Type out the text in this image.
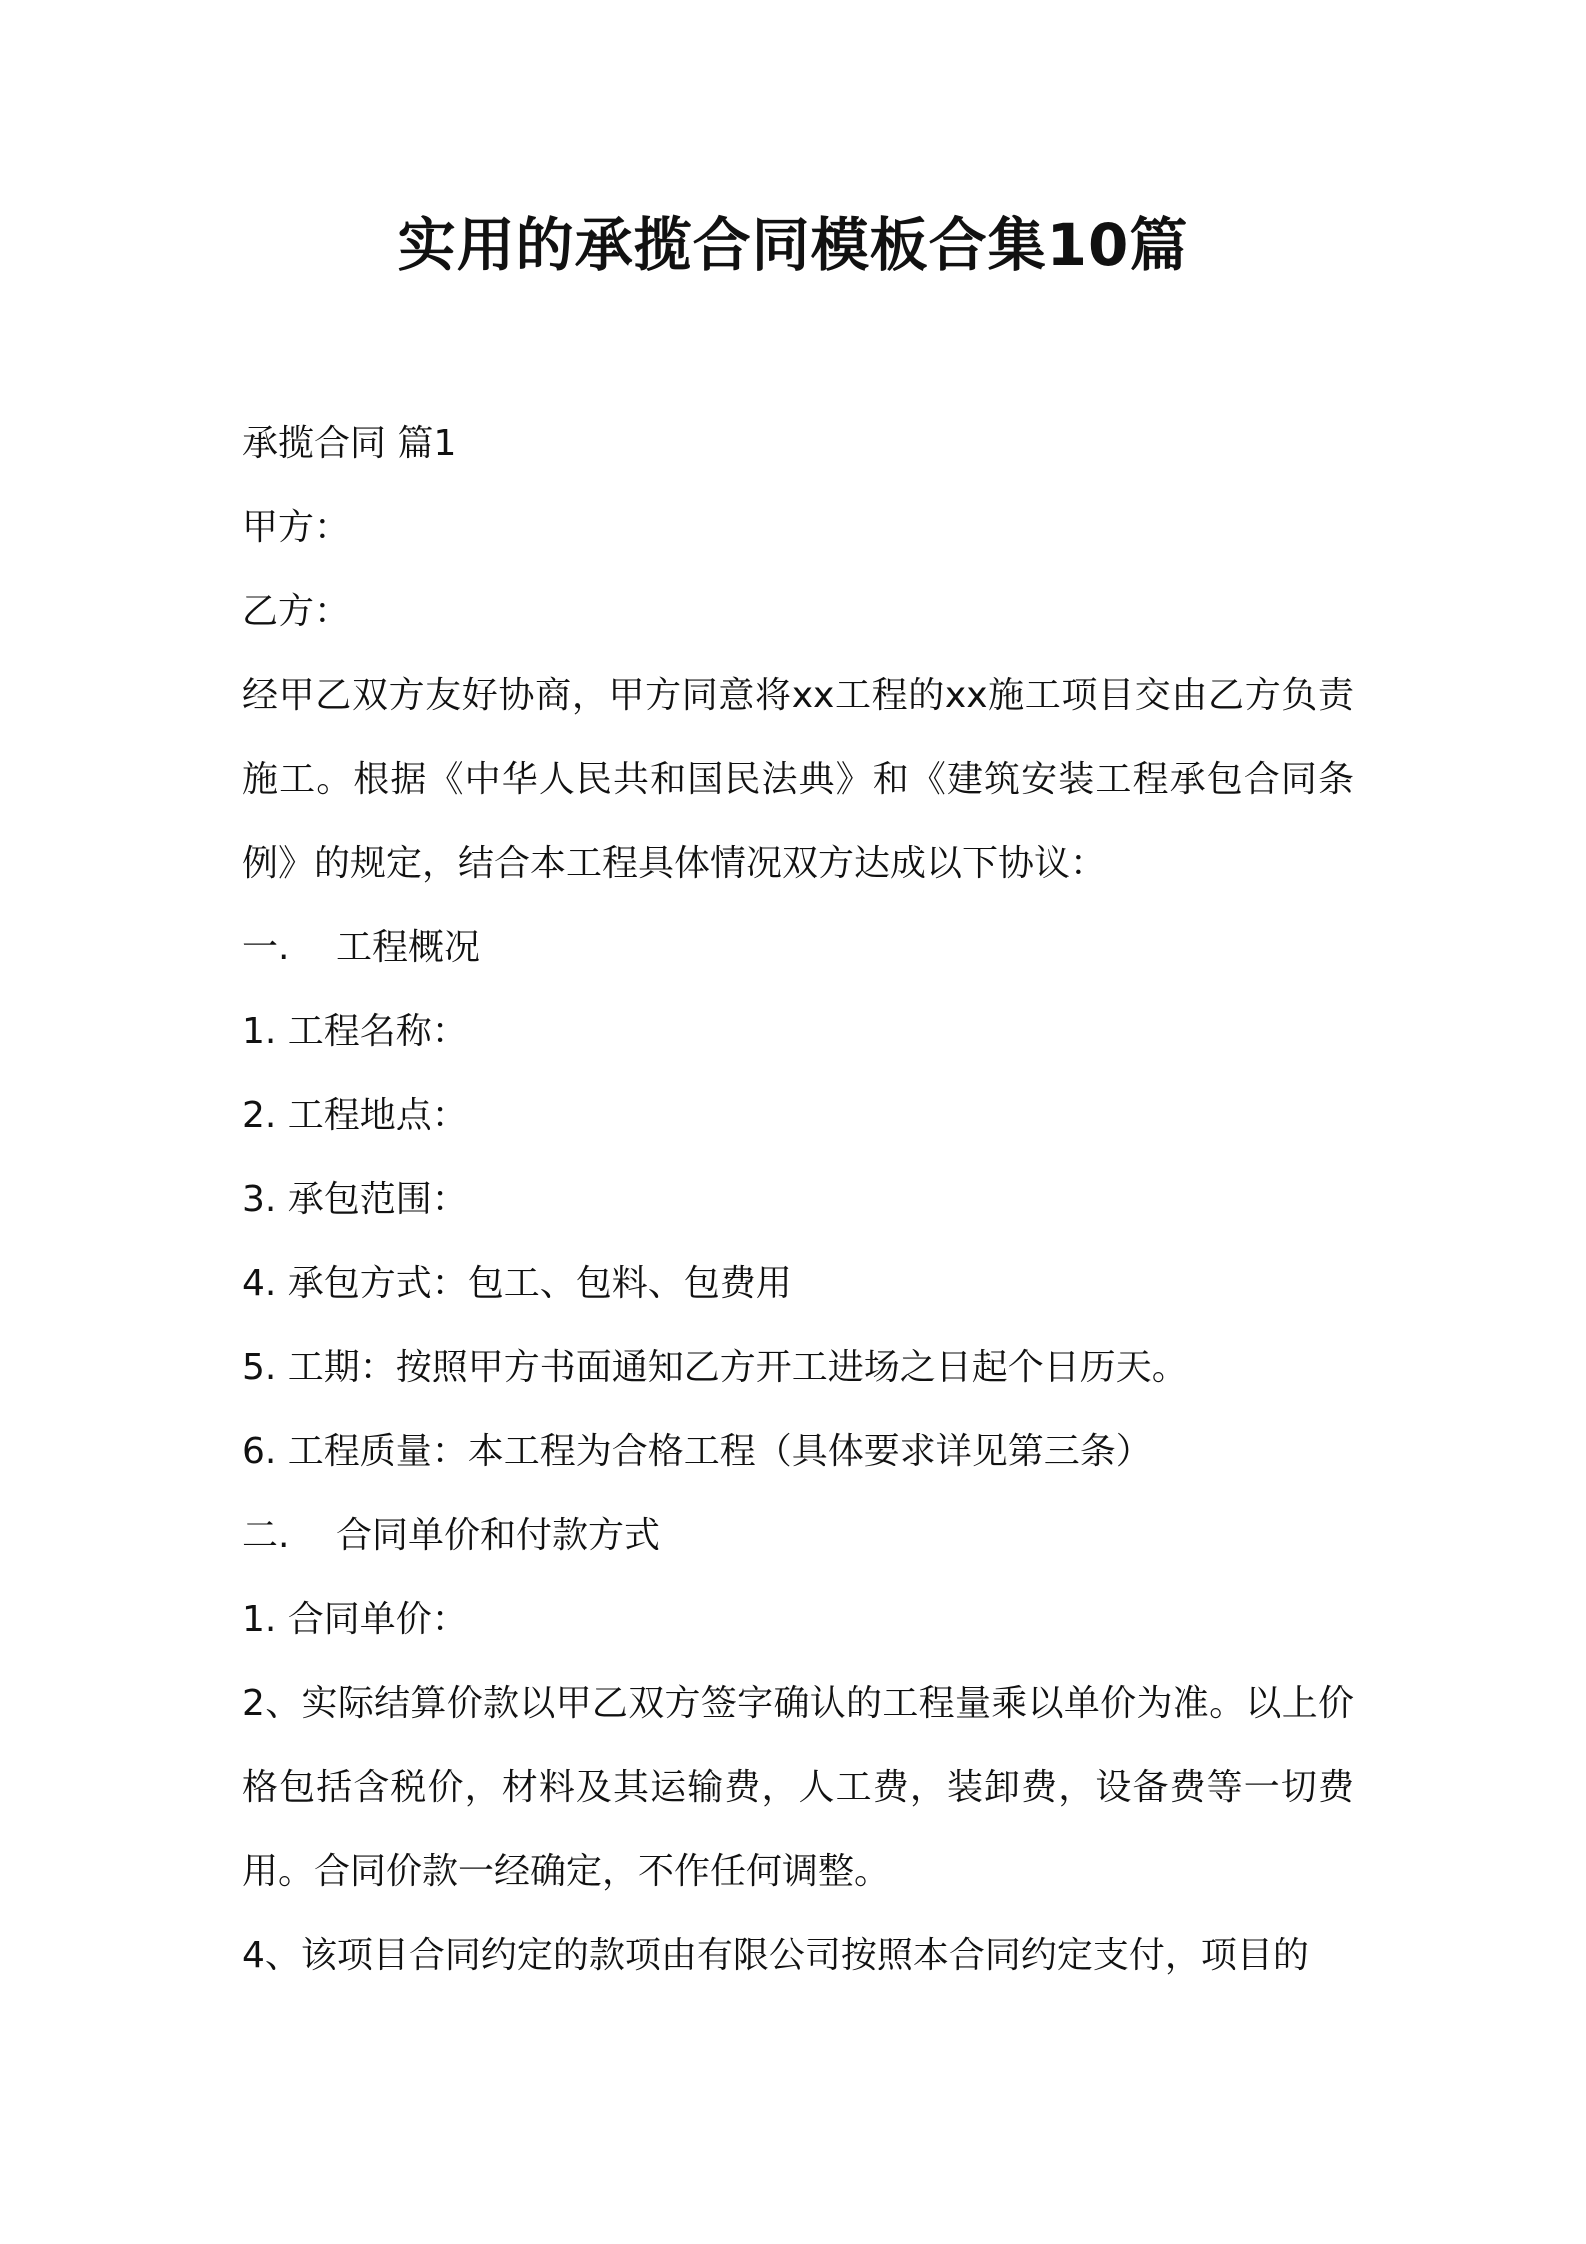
实用的承揽合同模板合集10篇
承揽合同 篇1
甲方：
乙方：
经甲乙双方友好协商，甲方同意将xx工程的xx施工项目交由乙方负责施工。根据《中华人民共和国民法典》和《建筑安装工程承包合同条例》的规定，结合本工程具体情况双方达成以下协议：
一.	工程概况
1. 工程名称：
2. 工程地点：
3. 承包范围：
4. 承包方式：包工、包料、包费用
5. 工期：按照甲方书面通知乙方开工进场之日起个日历天。
6. 工程质量：本工程为合格工程（具体要求详见第三条）
二.	合同单价和付款方式
1. 合同单价：
2、实际结算价款以甲乙双方签字确认的工程量乘以单价为准。以上价格包括含税价，材料及其运输费，人工费，装卸费，设备费等一切费用。合同价款一经确定，不作任何调整。
4、该项目合同约定的款项由有限公司按照本合同约定支付，项目的
